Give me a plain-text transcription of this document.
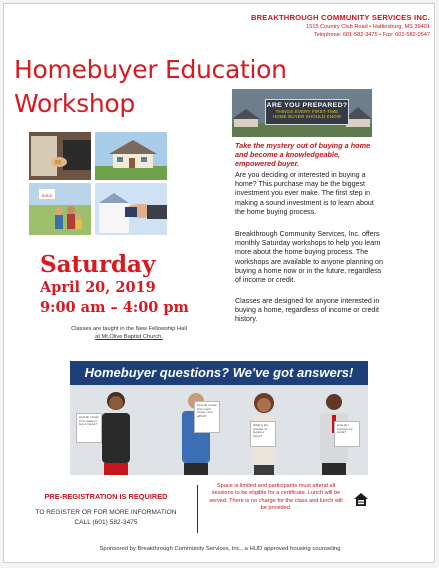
BREAKTHROUGH COMMUNITY SERVICES INC.
1515 Country Club Road • Hattiesburg, MS 39401
Telephone: 601-582-3475 • Fax: 601-582-0547
Homebuyer Education
Workshop
SOLD
ARE YOU PREPARED?
THINGS EVERY FIRST-TIME
HOME BUYER SHOULD KNOW
Take the mystery out of buying a home and become a knowledgeable, empowered buyer.
Are you deciding or interested in buying a home? This purchase may be the biggest investment you ever make. The first step in making a sound investment is to learn about the home buying process.
Breakthrough Community Services, Inc. offers monthly Saturday workshops to help you learn more about the home buying process. The workshops are available to anyone planning on buying a home now or in the future, regardless of income or credit.
Classes are designed for anyone interested in buying a home, regardless of income or credit history.
Saturday
April 20, 2019
9:00 am – 4:00 pm
Classes are taught in the New Fellowship Hall
at Mt.Olive Baptist Church.
Homebuyer questions? We've got answers!
How do I know if I'm ready to buy a house?
How do I know how much house I can afford?
What is the process of buying a home?
How do I improve my credit?
PRE-REGISTRATION IS REQUIRED
TO REGISTER OR FOR MORE INFORMATION
CALL (601) 582-3475
Space is limited and participants must attend all sessions to be eligible for a certificate. Lunch will be served. There is no charge for the class and lunch will be provided.
Sponsored by Breakthrough Community Services, Inc., a HUD approved housing counseling
